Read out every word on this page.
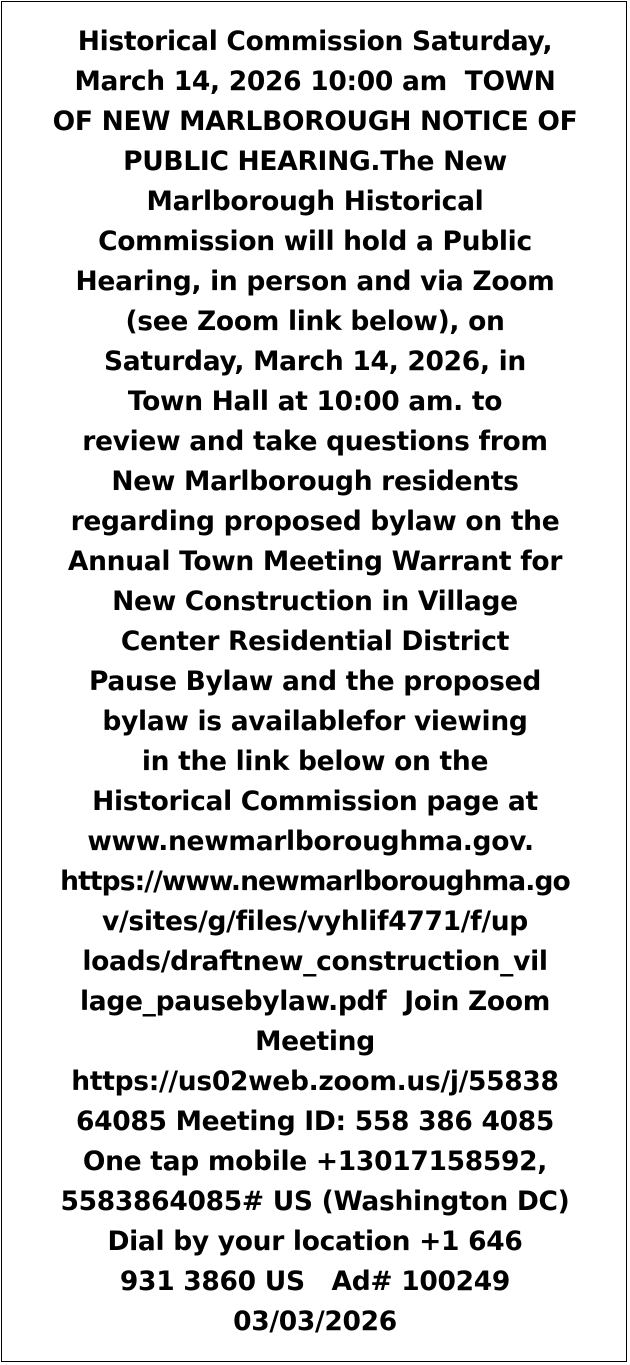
Historical Commission Saturday,
March 14, 2026 10:00 am  TOWN
OF NEW MARLBOROUGH NOTICE OF
PUBLIC HEARING.The New
Marlborough Historical
Commission will hold a Public
Hearing, in person and via Zoom
(see Zoom link below), on
Saturday, March 14, 2026, in
Town Hall at 10:00 am. to
review and take questions from
New Marlborough residents
regarding proposed bylaw on the
Annual Town Meeting Warrant for
New Construction in Village
Center Residential District
Pause Bylaw and the proposed
bylaw is availablefor viewing
in the link below on the
Historical Commission page at
www.newmarlboroughma.gov.
https://www.newmarlboroughma.go
v/sites/g/files/vyhlif4771/f/up
loads/draftnew_construction_vil
lage_pausebylaw.pdf  Join Zoom
Meeting
https://us02web.zoom.us/j/55838
64085 Meeting ID: 558 386 4085
One tap mobile +13017158592,
5583864085# US (Washington DC)
Dial by your location +1 646
931 3860 US   Ad# 100249
03/03/2026
